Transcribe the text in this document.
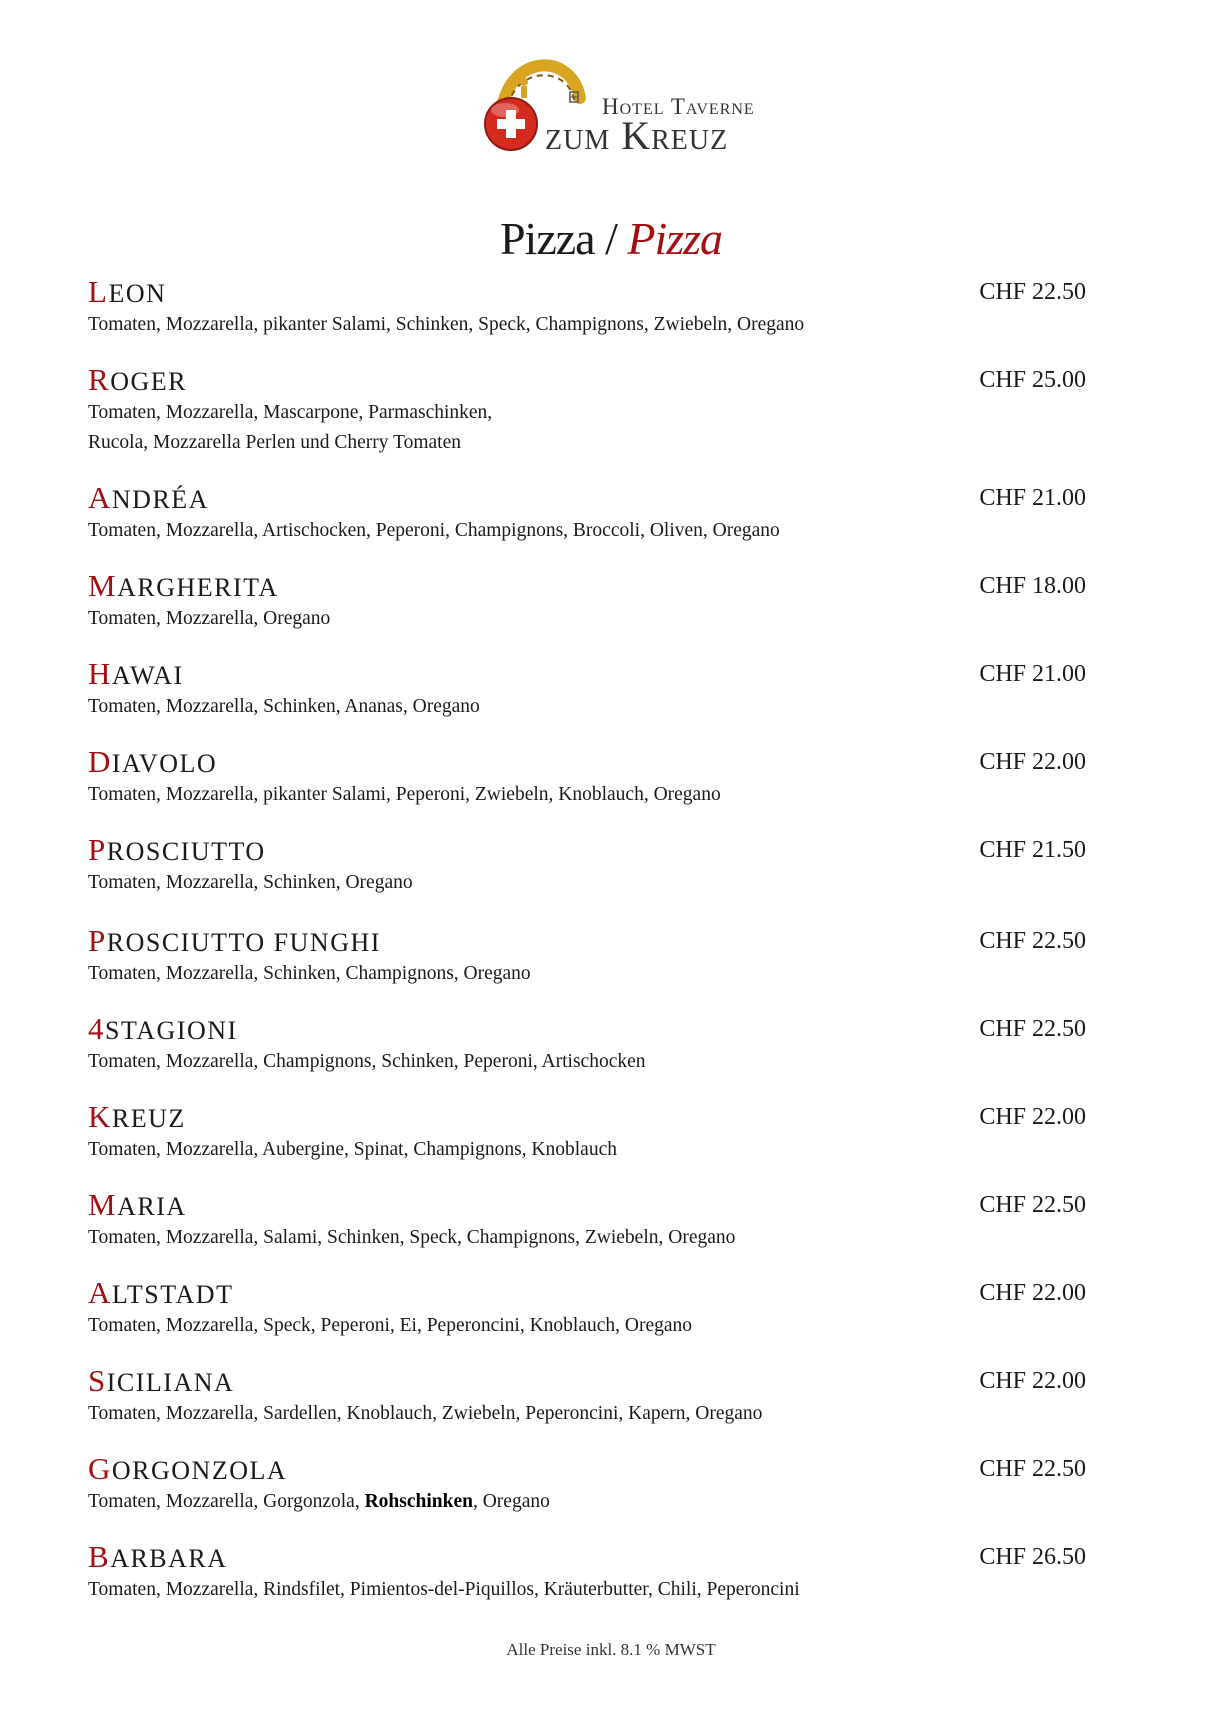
Hotel Taverne
zum Kreuz
Pizza / Pizza
LEON	CHF 22.50
Tomaten, Mozzarella, pikanter Salami, Schinken, Speck, Champignons, Zwiebeln, Oregano
ROGER	CHF 25.00
Tomaten, Mozzarella, Mascarpone, Parmaschinken,
Rucola, Mozzarella Perlen und Cherry Tomaten
ANDRÉA	CHF 21.00
Tomaten, Mozzarella, Artischocken, Peperoni, Champignons, Broccoli, Oliven, Oregano
MARGHERITA	CHF 18.00
Tomaten, Mozzarella, Oregano
HAWAI	CHF 21.00
Tomaten, Mozzarella, Schinken, Ananas, Oregano
DIAVOLO	CHF 22.00
Tomaten, Mozzarella, pikanter Salami, Peperoni, Zwiebeln, Knoblauch, Oregano
PROSCIUTTO	CHF 21.50
Tomaten, Mozzarella, Schinken, Oregano
PROSCIUTTO FUNGHI	CHF 22.50
Tomaten, Mozzarella, Schinken, Champignons, Oregano
4STAGIONI	CHF 22.50
Tomaten, Mozzarella, Champignons, Schinken, Peperoni, Artischocken
KREUZ	CHF 22.00
Tomaten, Mozzarella, Aubergine, Spinat, Champignons, Knoblauch
MARIA	CHF 22.50
Tomaten, Mozzarella, Salami, Schinken, Speck, Champignons, Zwiebeln, Oregano
ALTSTADT	CHF 22.00
Tomaten, Mozzarella, Speck, Peperoni, Ei, Peperoncini, Knoblauch, Oregano
SICILIANA	CHF 22.00
Tomaten, Mozzarella, Sardellen, Knoblauch, Zwiebeln, Peperoncini, Kapern, Oregano
GORGONZOLA	CHF 22.50
Tomaten, Mozzarella, Gorgonzola, Rohschinken, Oregano
BARBARA	CHF 26.50
Tomaten, Mozzarella, Rindsfilet, Pimientos-del-Piquillos, Kräuterbutter, Chili, Peperoncini
Alle Preise inkl. 8.1 % MWST
